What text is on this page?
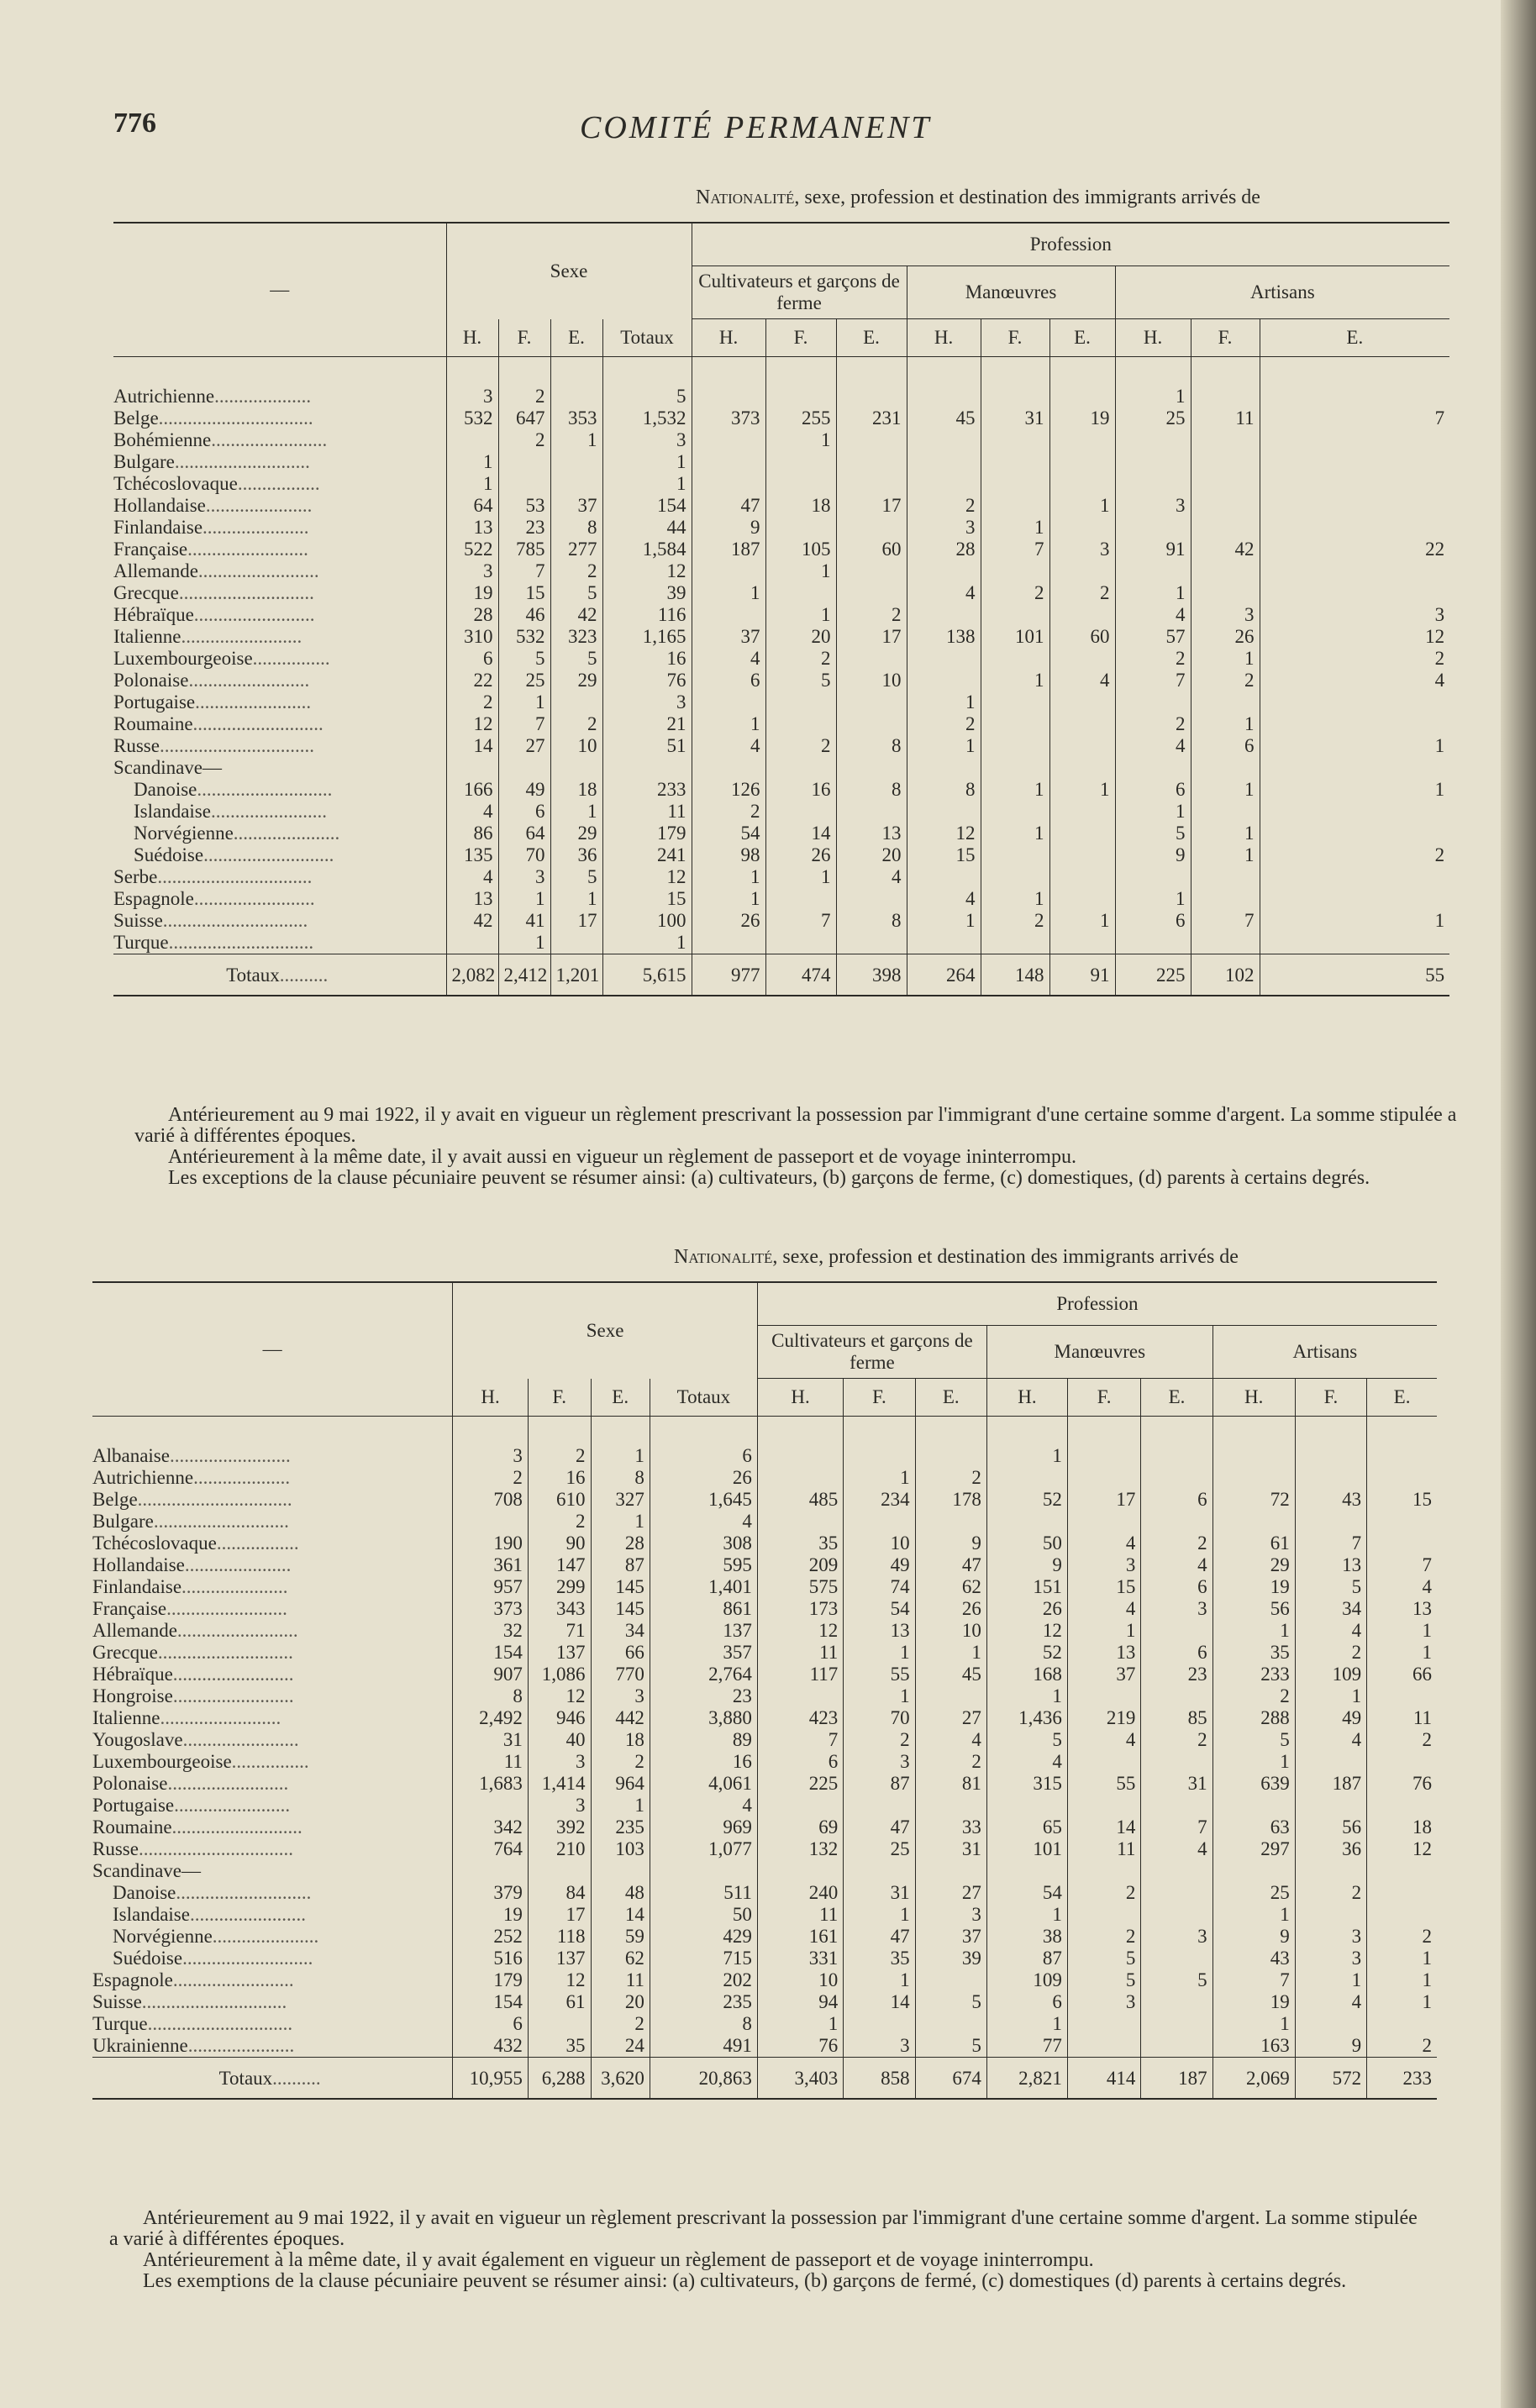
776	COMITÉ PERMANENT
Nationalité, sexe, profession et destination des immigrants arrivés de
—	Sexe				Profession								
					Cultivateurs et garçons de ferme			Manœuvres			Artisans		
	H.	F.	E.	Totaux	H.	F.	E.	H.	F.	E.	H.	F.	E.
Autrichienne....................	3	2		5							1		
Belge................................	532	647	353	1,532	373	255	231	45	31	19	25	11	7
Bohémienne........................		2	1	3		1							
Bulgare............................	1			1									
Tchécoslovaque.................	1			1									
Hollandaise......................	64	53	37	154	47	18	17	2		1	3		
Finlandaise......................	13	23	8	44	9			3	1				
Française.........................	522	785	277	1,584	187	105	60	28	7	3	91	42	22
Allemande.........................	3	7	2	12		1							
Grecque............................	19	15	5	39	1			4	2	2	1		
Hébraïque.........................	28	46	42	116		1	2				4	3	3
Italienne.........................	310	532	323	1,165	37	20	17	138	101	60	57	26	12
Luxembourgeoise................	6	5	5	16	4	2					2	1	2
Polonaise.........................	22	25	29	76	6	5	10		1	4	7	2	4
Portugaise........................	2	1		3				1					
Roumaine...........................	12	7	2	21	1			2			2	1	
Russe................................	14	27	10	51	4	2	8	1			4	6	1
Scandinave—													
Danoise............................	166	49	18	233	126	16	8	8	1	1	6	1	1
Islandaise........................	4	6	1	11	2						1		
Norvégienne......................	86	64	29	179	54	14	13	12	1		5	1	
Suédoise...........................	135	70	36	241	98	26	20	15			9	1	2
Serbe................................	4	3	5	12	1	1	4						
Espagnole.........................	13	1	1	15	1			4	1		1		
Suisse..............................	42	41	17	100	26	7	8	1	2	1	6	7	1
Turque..............................		1		1									
Totaux..........	2,082	2,412	1,201	5,615	977	474	398	264	148	91	225	102	55

Antérieurement au 9 mai 1922, il y avait en vigueur un règlement prescrivant la possession par l'immigrant d'une certaine somme d'argent. La somme stipulée a varié à différentes époques.

Antérieurement à la même date, il y avait aussi en vigueur un règlement de passeport et de voyage ininterrompu.

Les exceptions de la clause pécuniaire peuvent se résumer ainsi: (a) cultivateurs, (b) garçons de ferme, (c) domestiques, (d) parents à certains degrés.

Nationalité, sexe, profession et destination des immigrants arrivés de
—	Sexe				Profession								
					Cultivateurs et garçons de ferme			Manœuvres			Artisans		
	H.	F.	E.	Totaux	H.	F.	E.	H.	F.	E.	H.	F.	E.
Albanaise.........................	3	2	1	6				1					
Autrichienne....................	2	16	8	26		1	2						
Belge................................	708	610	327	1,645	485	234	178	52	17	6	72	43	15
Bulgare............................		2	1	4									
Tchécoslovaque.................	190	90	28	308	35	10	9	50	4	2	61	7	
Hollandaise......................	361	147	87	595	209	49	47	9	3	4	29	13	7
Finlandaise......................	957	299	145	1,401	575	74	62	151	15	6	19	5	4
Française.........................	373	343	145	861	173	54	26	26	4	3	56	34	13
Allemande.........................	32	71	34	137	12	13	10	12	1		1	4	1
Grecque............................	154	137	66	357	11	1	1	52	13	6	35	2	1
Hébraïque.........................	907	1,086	770	2,764	117	55	45	168	37	23	233	109	66
Hongroise.........................	8	12	3	23		1		1			2	1	
Italienne.........................	2,492	946	442	3,880	423	70	27	1,436	219	85	288	49	11
Yougoslave........................	31	40	18	89	7	2	4	5	4	2	5	4	2
Luxembourgeoise................	11	3	2	16	6	3	2	4			1		
Polonaise.........................	1,683	1,414	964	4,061	225	87	81	315	55	31	639	187	76
Portugaise........................		3	1	4									
Roumaine...........................	342	392	235	969	69	47	33	65	14	7	63	56	18
Russe................................	764	210	103	1,077	132	25	31	101	11	4	297	36	12
Scandinave—													
Danoise............................	379	84	48	511	240	31	27	54	2		25	2	
Islandaise........................	19	17	14	50	11	1	3	1			1		
Norvégienne......................	252	118	59	429	161	47	37	38	2	3	9	3	2
Suédoise...........................	516	137	62	715	331	35	39	87	5		43	3	1
Espagnole.........................	179	12	11	202	10	1		109	5	5	7	1	1
Suisse..............................	154	61	20	235	94	14	5	6	3		19	4	1
Turque..............................	6		2	8	1			1			1		
Ukrainienne......................	432	35	24	491	76	3	5	77			163	9	2
Totaux..........	10,955	6,288	3,620	20,863	3,403	858	674	2,821	414	187	2,069	572	233

Antérieurement au 9 mai 1922, il y avait en vigueur un règlement prescrivant la possession par l'immigrant d'une certaine somme d'argent. La somme stipulée a varié à différentes époques.

Antérieurement à la même date, il y avait également en vigueur un règlement de passeport et de voyage ininterrompu.

Les exemptions de la clause pécuniaire peuvent se résumer ainsi: (a) cultivateurs, (b) garçons de fermé, (c) domestiques (d) parents à certains degrés.
